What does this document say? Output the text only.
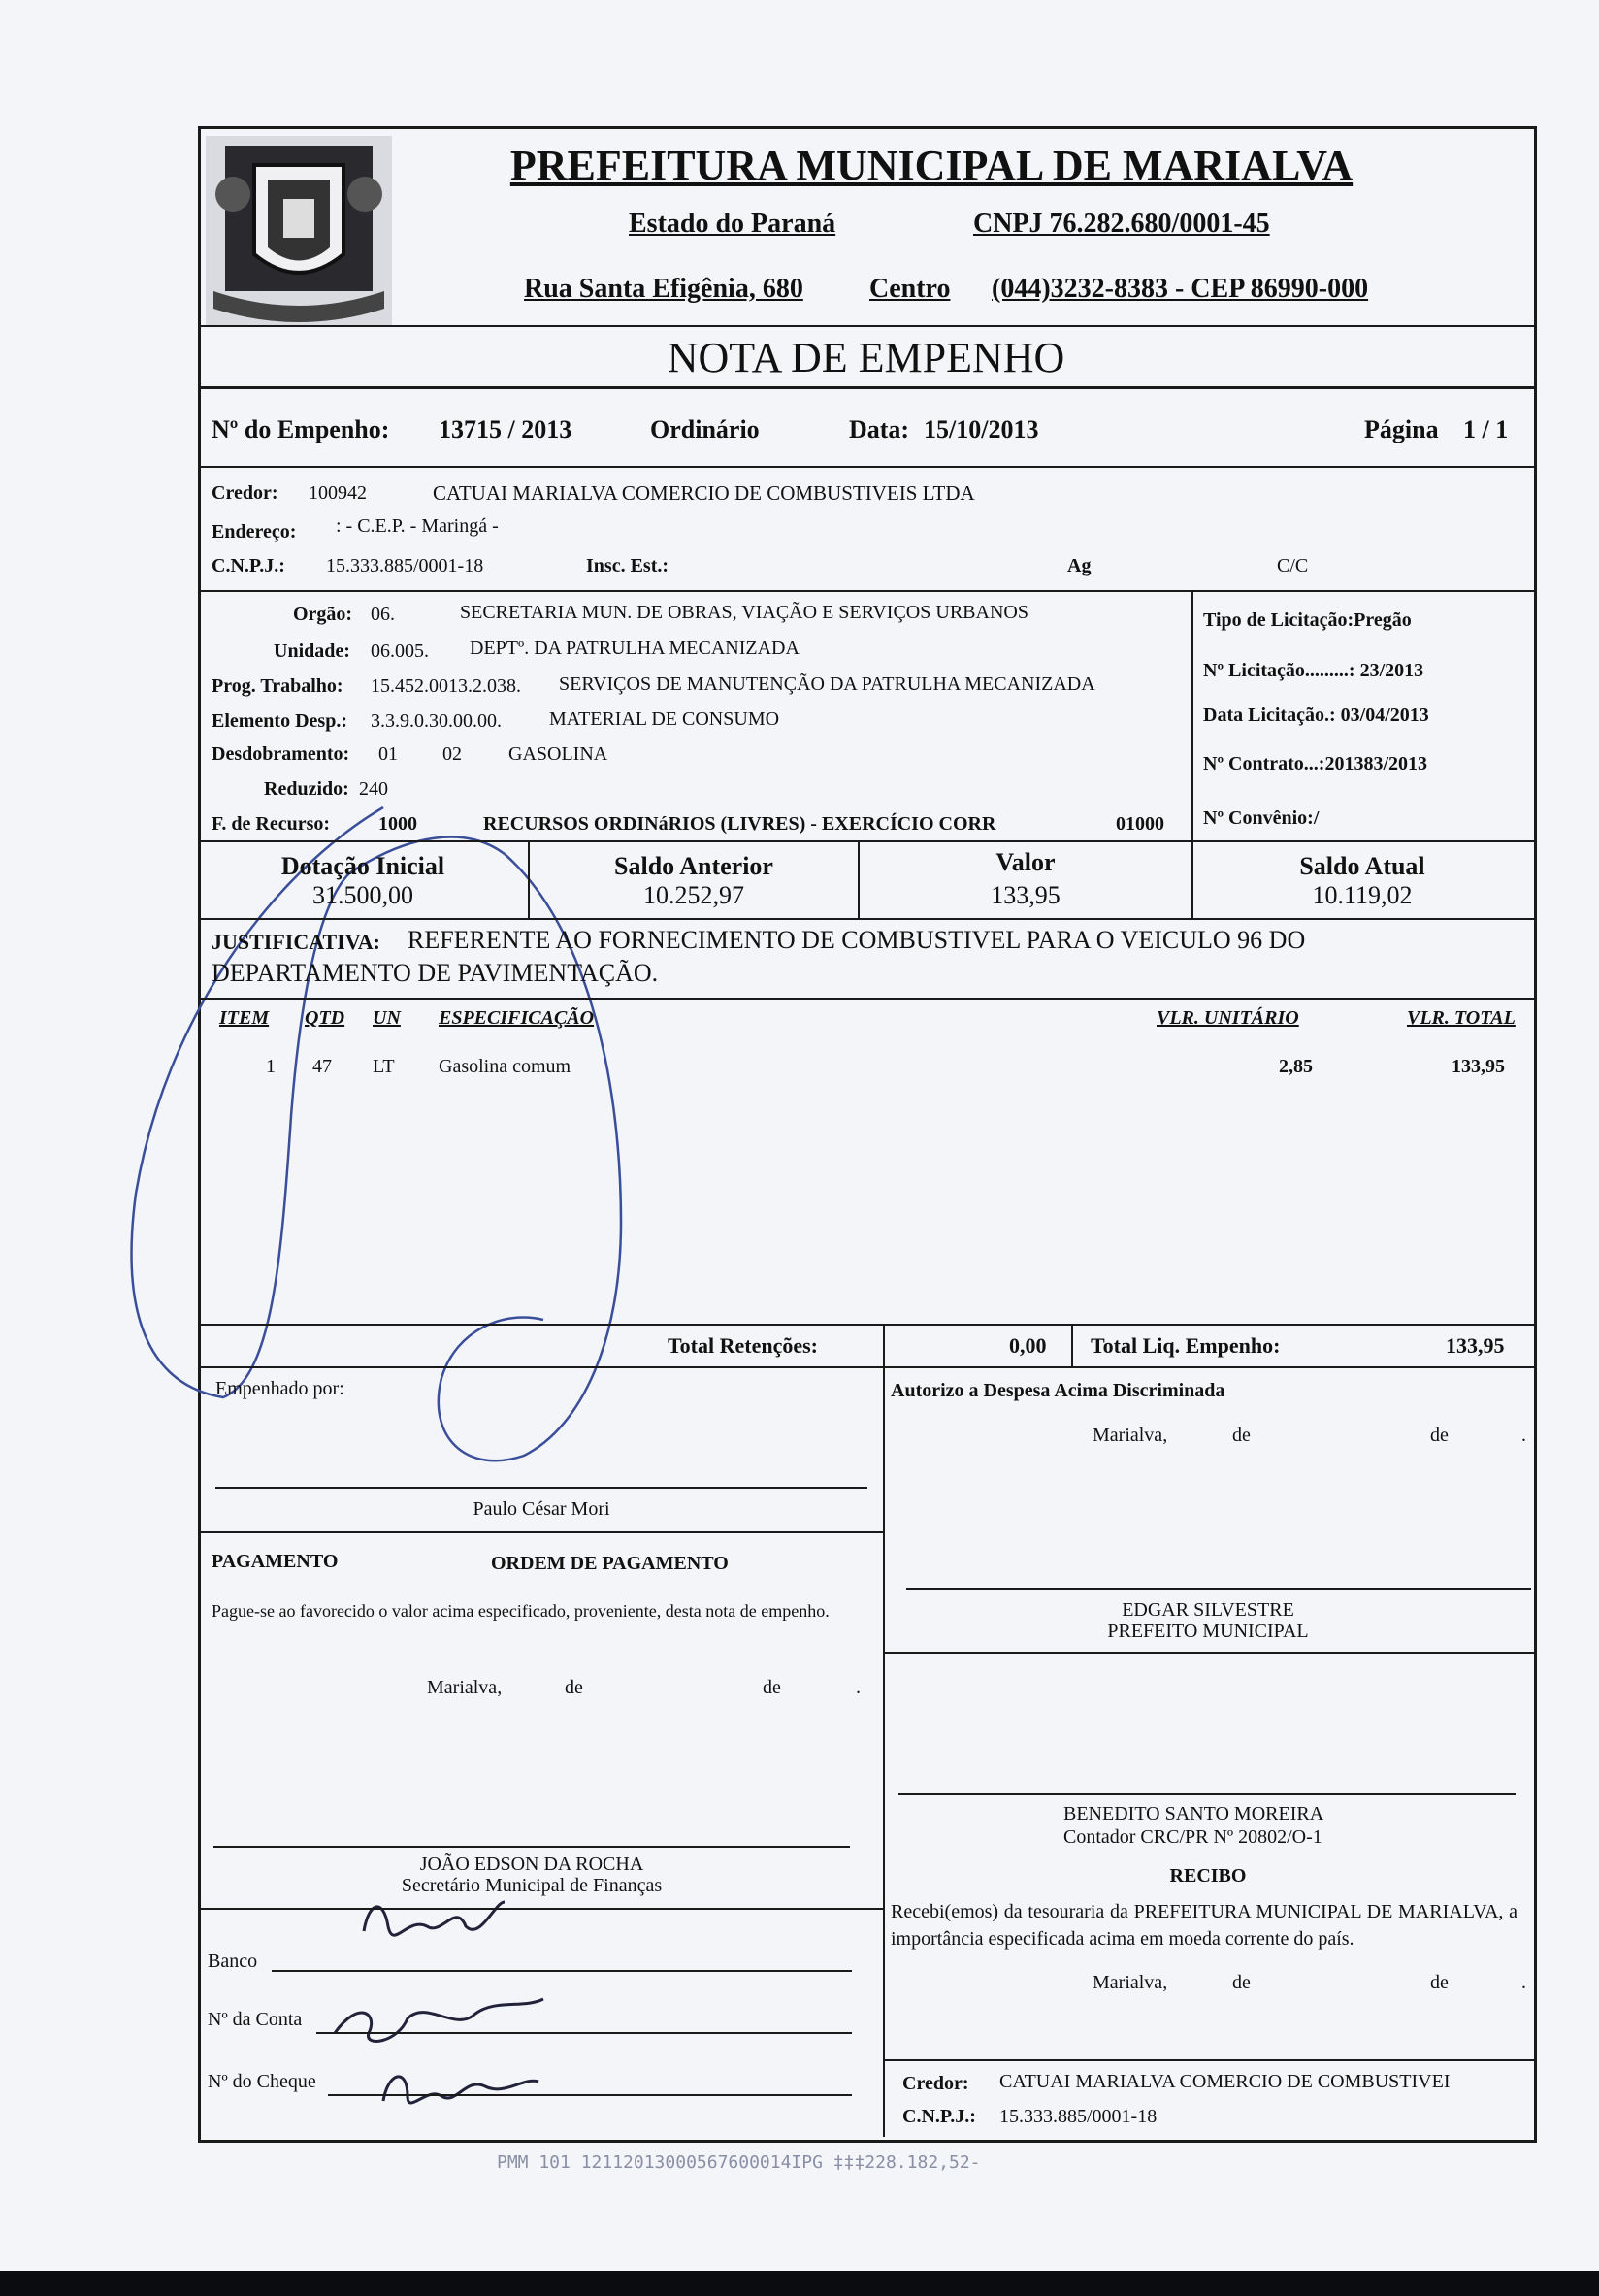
PREFEITURA MUNICIPAL DE MARIALVA
Estado do Paraná	CNPJ 76.282.680/0001-45
Rua Santa Efigênia, 680 Centro (044)3232-8383 - CEP 86990-000
NOTA DE EMPENHO
Nº do Empenho: 13715 / 2013	Ordinário	Data: 15/10/2013	Página 1 / 1
Credor: 100942	CATUAI MARIALVA COMERCIO DE COMBUSTIVEIS LTDA
Endereço: : - C.E.P. - Maringá -
C.N.P.J.: 15.333.885/0001-18	Insc. Est.:	Ag	C/C
Orgão: 06.	SECRETARIA MUN. DE OBRAS, VIAÇÃO E SERVIÇOS URBANOS
Unidade: 06.005. DEPTº. DA PATRULHA MECANIZADA
Prog. Trabalho: 15.452.0013.2.038. SERVIÇOS DE MANUTENÇÃO DA PATRULHA MECANIZADA
Elemento Desp.: 3.3.9.0.30.00.00. MATERIAL DE CONSUMO
Desdobramento: 01 02 GASOLINA
Reduzido: 240
F. de Recurso: 1000	RECURSOS ORDINáRIOS (LIVRES) - EXERCÍCIO CORR	01000
Tipo de Licitação:Pregão
Nº Licitação.........: 23/2013
Data Licitação.: 03/04/2013
Nº Contrato...:201383/2013
Nº Convênio:/
Dotação Inicial
31.500,00
Saldo Anterior
10.252,97
Valor
133,95
Saldo Atual
10.119,02
JUSTIFICATIVA: REFERENTE AO FORNECIMENTO DE COMBUSTIVEL PARA O VEICULO 96 DO
DEPARTAMENTO DE PAVIMENTAÇÃO.
ITEM QTD UN ESPECIFICAÇÃO	VLR. UNITÁRIO	VLR. TOTAL
1 47 LT Gasolina comum	2,85	133,95
Total Retenções:	0,00 Total Liq. Empenho:	133,95
Empenhado por:
Paulo César Mori
Autorizo a Despesa Acima Discriminada
Marialva,	de	de	.
EDGAR SILVESTRE
PREFEITO MUNICIPAL
PAGAMENTO	ORDEM DE PAGAMENTO
Pague-se ao favorecido o valor acima especificado, proveniente, desta nota de empenho.
Marialva,	de	de	.
JOÃO EDSON DA ROCHA
Secretário Municipal de Finanças
BENEDITO SANTO MOREIRA
Contador CRC/PR Nº 20802/O-1
RECIBO
Recebi(emos) da tesouraria da PREFEITURA MUNICIPAL DE MARIALVA, a importância especificada acima em moeda corrente do país.
Marialva,	de	de	.
Credor: CATUAI MARIALVA COMERCIO DE COMBUSTIVEI
C.N.P.J.: 15.333.885/0001-18
Banco
Nº da Conta
Nº do Cheque
PMM 101 12112013000567600014IPG ‡‡‡228.182,52-
